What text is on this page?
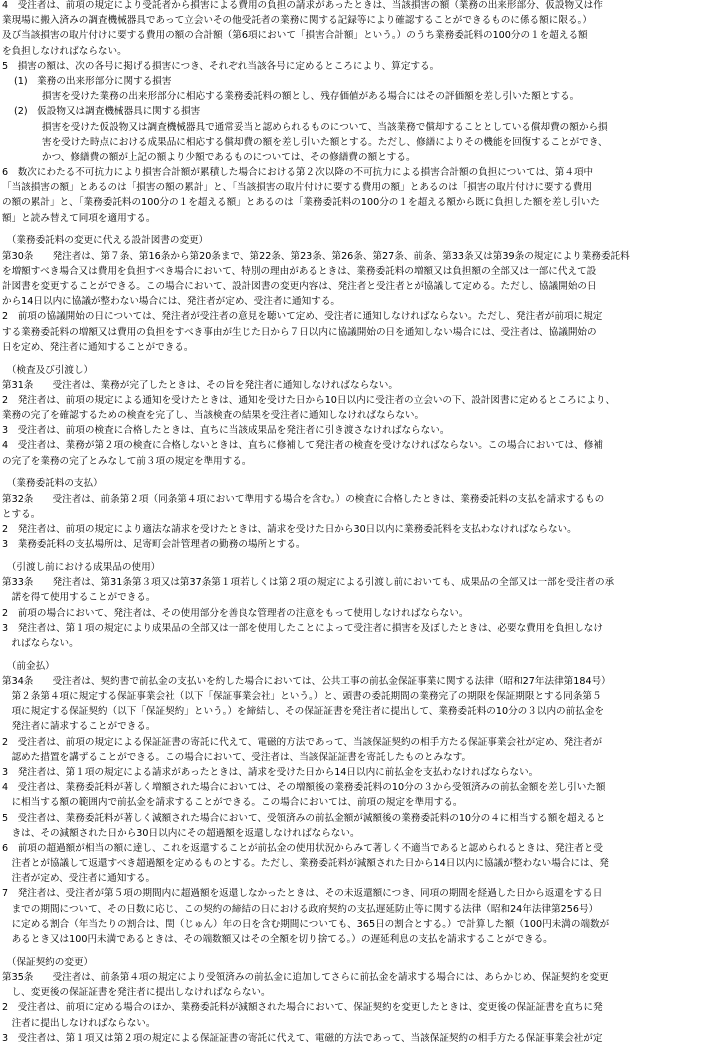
4　受注者は、前項の規定により受託者から損害による費用の負担の請求があったときは、当該損害の額（業務の出来形部分、仮設物又は作
業現場に搬入済みの調査機械器具であって立会いその他受託者の業務に関する記録等により確認することができるものに係る額に限る。）
及び当該損害の取片付けに要する費用の額の合計額（第6項において「損害合計額」という。）のうち業務委託料の100分の１を超える額
を負担しなければならない。
5　損害の額は、次の各号に掲げる損害につき、それぞれ当該各号に定めるところにより、算定する。
(1)　業務の出来形部分に関する損害
損害を受けた業務の出来形部分に相応する業務委託料の額とし、残存価値がある場合にはその評価額を差し引いた額とする。
(2)　仮設物又は調査機械器具に関する損害
損害を受けた仮設物又は調査機械器具で通常妥当と認められるものについて、当該業務で償却することとしている償却費の額から損
害を受けた時点における成果品に相応する償却費の額を差し引いた額とする。ただし、修繕によりその機能を回復することができ、
かつ、修繕費の額が上記の額より少額であるものについては、その修繕費の額とする。
6　数次にわたる不可抗力により損害合計額が累積した場合における第２次以降の不可抗力による損害合計額の負担については、第４項中
「当該損害の額」とあるのは「損害の額の累計」と、「当該損害の取片付けに要する費用の額」とあるのは「損害の取片付けに要する費用
の額の累計」と、「業務委託料の100分の１を超える額」とあるのは「業務委託料の100分の１を超える額から既に負担した額を差し引いた
額」と読み替えて同項を適用する。
　（業務委託料の変更に代える設計図書の変更）
第30条　　発注者は、第７条、第16条から第20条まで、第22条、第23条、第26条、第27条、前条、第33条又は第39条の規定により業務委託料
を増額すべき場合又は費用を負担すべき場合において、特別の理由があるときは、業務委託料の増額又は負担額の全部又は一部に代えて設
計図書を変更することができる。この場合において、設計図書の変更内容は、発注者と受注者とが協議して定める。ただし、協議開始の日
から14日以内に協議が整わない場合には、発注者が定め、受注者に通知する。
2　前項の協議開始の日については、発注者が受注者の意見を聴いて定め、受注者に通知しなければならない。ただし、発注者が前項に規定
する業務委託料の増額又は費用の負担をすべき事由が生じた日から７日以内に協議開始の日を通知しない場合には、受注者は、協議開始の
日を定め、発注者に通知することができる。
　（検査及び引渡し）
第31条　　受注者は、業務が完了したときは、その旨を発注者に通知しなければならない。
2　発注者は、前項の規定による通知を受けたときは、通知を受けた日から10日以内に受注者の立会いの下、設計図書に定めるところにより、
業務の完了を確認するための検査を完了し、当該検査の結果を受注者に通知しなければならない。
3　受注者は、前項の検査に合格したときは、直ちに当該成果品を発注者に引き渡さなければならない。
4　受注者は、業務が第２項の検査に合格しないときは、直ちに修補して発注者の検査を受けなければならない。この場合においては、修補
の完了を業務の完了とみなして前３項の規定を準用する。
　（業務委託料の支払）
第32条　　受注者は、前条第２項（同条第４項において準用する場合を含む。）の検査に合格したときは、業務委託料の支払を請求するもの
とする。
2　発注者は、前項の規定により適法な請求を受けたときは、請求を受けた日から30日以内に業務委託料を支払わなければならない。
3　業務委託料の支払場所は、足寄町会計管理者の勤務の場所とする。
　（引渡し前における成果品の使用）
第33条　　発注者は、第31条第３項又は第37条第１項若しくは第２項の規定による引渡し前においても、成果品の全部又は一部を受注者の承
　諾を得て使用することができる。
2　前項の場合において、発注者は、その使用部分を善良な管理者の注意をもって使用しなければならない。
3　発注者は、第１項の規定により成果品の全部又は一部を使用したことによって受注者に損害を及ぼしたときは、必要な費用を負担しなけ
　ればならない。
　（前金払）
第34条　　受注者は、契約書で前払金の支払いを約した場合においては、公共工事の前払金保証事業に関する法律（昭和27年法律第184号）
　第２条第４項に規定する保証事業会社（以下「保証事業会社」という。）と、頭書の委託期間の業務完了の期限を保証期限とする同条第５
　項に規定する保証契約（以下「保証契約」という。）を締結し、その保証証書を発注者に提出して、業務委託料の10分の３以内の前払金を
　発注者に請求することができる。
2　受注者は、前項の規定による保証証書の寄託に代えて、電磁的方法であって、当該保証契約の相手方たる保証事業会社が定め、発注者が
　認めた措置を講ずることができる。この場合において、受注者は、当該保証証書を寄託したものとみなす。
3　発注者は、第１項の規定による請求があったときは、請求を受けた日から14日以内に前払金を支払わなければならない。
4　受注者は、業務委託料が著しく増額された場合においては、その増額後の業務委託料の10分の３から受領済みの前払金額を差し引いた額
　に相当する額の範囲内で前払金を請求することができる。この場合においては、前項の規定を準用する。
5　受注者は、業務委託料が著しく減額された場合において、受領済みの前払金額が減額後の業務委託料の10分の４に相当する額を超えると
　きは、その減額された日から30日以内にその超過額を返還しなければならない。
6　前項の超過額が相当の額に達し、これを返還することが前払金の使用状況からみて著しく不適当であると認められるときは、発注者と受
　注者とが協議して返還すべき超過額を定めるものとする。ただし、業務委託料が減額された日から14日以内に協議が整わない場合には、発
　注者が定め、受注者に通知する。
7　発注者は、受注者が第５項の期間内に超過額を返還しなかったときは、その未返還額につき、同項の期間を経過した日から返還をする日
　までの期間について、その日数に応じ、この契約の締結の日における政府契約の支払遅延防止等に関する法律（昭和24年法律第256号）
　に定める割合（年当たりの割合は、閏（じゅん）年の日を含む期間についても、365日の割合とする。）で計算した額（100円未満の端数が
　あるとき又は100円未満であるときは、その端数額又はその全額を切り捨てる。）の遅延利息の支払を請求することができる。
　（保証契約の変更）
第35条　　受注者は、前条第４項の規定により受領済みの前払金に追加してさらに前払金を請求する場合には、あらかじめ、保証契約を変更
　し、変更後の保証証書を発注者に提出しなければならない。
2　受注者は、前項に定める場合のほか、業務委託料が減額された場合において、保証契約を変更したときは、変更後の保証証書を直ちに発
　注者に提出しなければならない。
3　受注者は、第１項又は第２項の規定による保証証書の寄託に代えて、電磁的方法であって、当該保証契約の相手方たる保証事業会社が定
